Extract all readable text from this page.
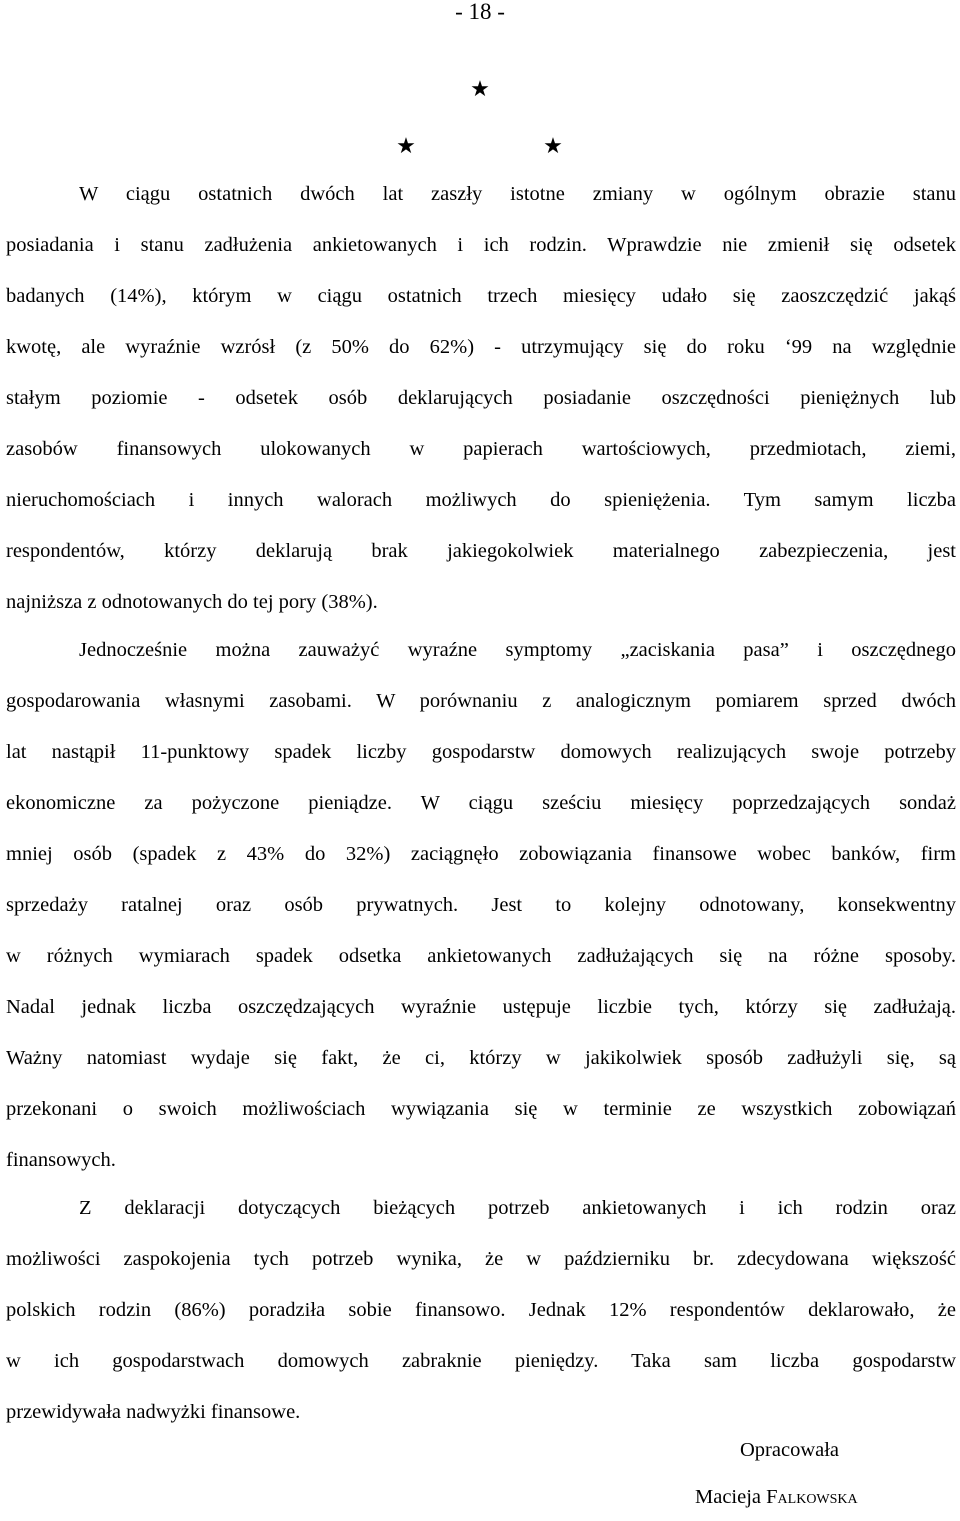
- 18 -
★
★	★
W ciągu ostatnich dwóch lat zaszły istotne zmiany w ogólnym obrazie stanu
posiadania i stanu zadłużenia ankietowanych i ich rodzin. Wprawdzie nie zmienił się odsetek
badanych (14%), którym w ciągu ostatnich trzech miesięcy udało się zaoszczędzić jakąś
kwotę, ale wyraźnie wzrósł (z 50% do 62%) - utrzymujący się do roku ‘99 na względnie
stałym poziomie - odsetek osób deklarujących posiadanie oszczędności pieniężnych lub
zasobów finansowych ulokowanych w papierach wartościowych, przedmiotach, ziemi,
nieruchomościach i innych walorach możliwych do spieniężenia. Tym samym liczba
respondentów, którzy deklarują brak jakiegokolwiek materialnego zabezpieczenia, jest
najniższa z odnotowanych do tej pory (38%).
Jednocześnie można zauważyć wyraźne symptomy „zaciskania pasa” i oszczędnego
gospodarowania własnymi zasobami. W porównaniu z analogicznym pomiarem sprzed dwóch
lat nastąpił 11-punktowy spadek liczby gospodarstw domowych realizujących swoje potrzeby
ekonomiczne za pożyczone pieniądze. W ciągu sześciu miesięcy poprzedzających sondaż
mniej osób (spadek z 43% do 32%) zaciągnęło zobowiązania finansowe wobec banków, firm
sprzedaży ratalnej oraz osób prywatnych. Jest to kolejny odnotowany, konsekwentny
w różnych wymiarach spadek odsetka ankietowanych zadłużających się na różne sposoby.
Nadal jednak liczba oszczędzających wyraźnie ustępuje liczbie tych, którzy się zadłużają.
Ważny natomiast wydaje się fakt, że ci, którzy w jakikolwiek sposób zadłużyli się, są
przekonani o swoich możliwościach wywiązania się w terminie ze wszystkich zobowiązań
finansowych.
Z deklaracji dotyczących bieżących potrzeb ankietowanych i ich rodzin oraz
możliwości zaspokojenia tych potrzeb wynika, że w październiku br. zdecydowana większość
polskich rodzin (86%) poradziła sobie finansowo. Jednak 12% respondentów deklarowało, że
w ich gospodarstwach domowych zabraknie pieniędzy. Taka sam liczba gospodarstw
przewidywała nadwyżki finansowe.
Opracowała
Macieja Falkowska
